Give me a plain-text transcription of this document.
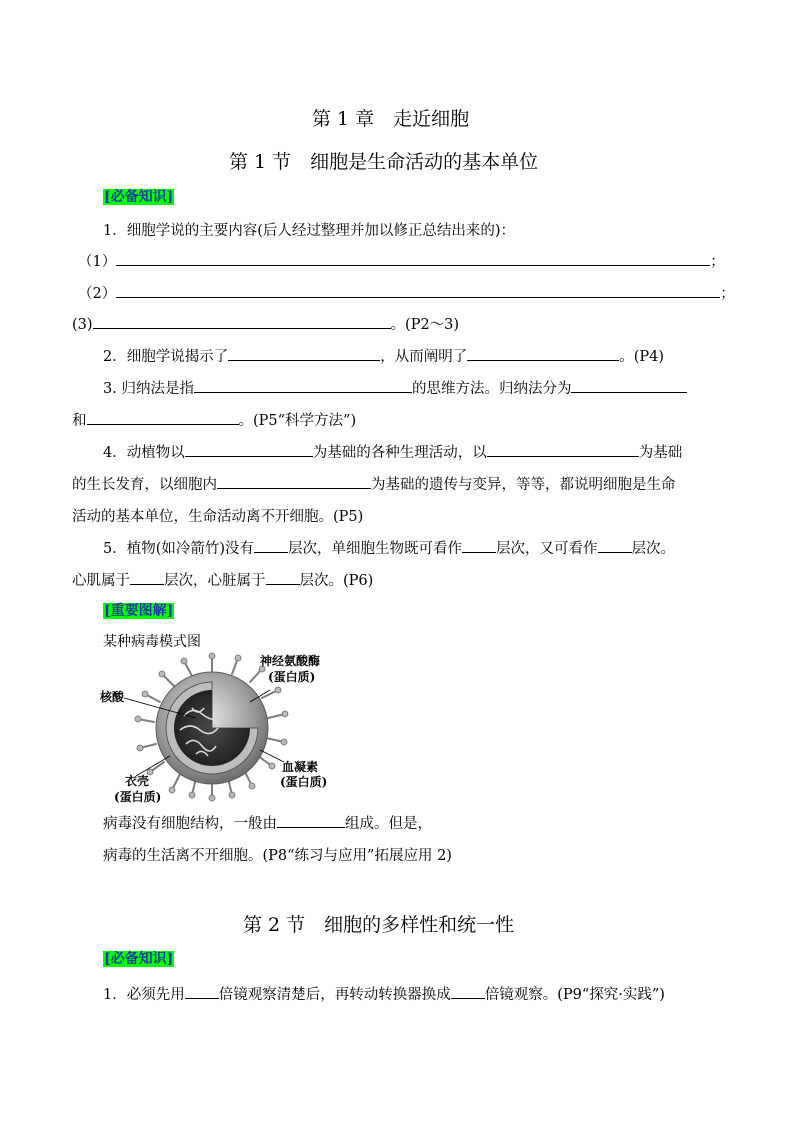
第 1 章　走近细胞
第 1 节　细胞是生命活动的基本单位
[必备知识]
1．细胞学说的主要内容(后人经过整理并加以修正总结出来的)：
（1）	；
（2）	；
(3)	。(P2～3)
2．细胞学说揭示了	，从而阐明了	。(P4)
3. 归纳法是指	的思维方法。归纳法分为
和	。(P5“科学方法”)
4．动植物以	为基础的各种生理活动，以	为基础
的生长发育，以细胞内	为基础的遗传与变异，等等，都说明细胞是生命
活动的基本单位，生命活动离不开细胞。(P5)
5．植物(如冷箭竹)没有 层次，单细胞生物既可看作 层次，又可看作 层次。
心肌属于 层次，心脏属于 层次。(P6)
[重要图解]
某种病毒模式图
神经氨酸酶
(蛋白质)
核酸
血凝素
(蛋白质)
衣壳
(蛋白质)
病毒没有细胞结构，一般由	组成。但是，
病毒的生活离不开细胞。(P8“练习与应用”拓展应用 2)
第 2 节　细胞的多样性和统一性
[必备知识]
1．必须先用 倍镜观察清楚后，再转动转换器换成 倍镜观察。(P9“探究·实践”)
